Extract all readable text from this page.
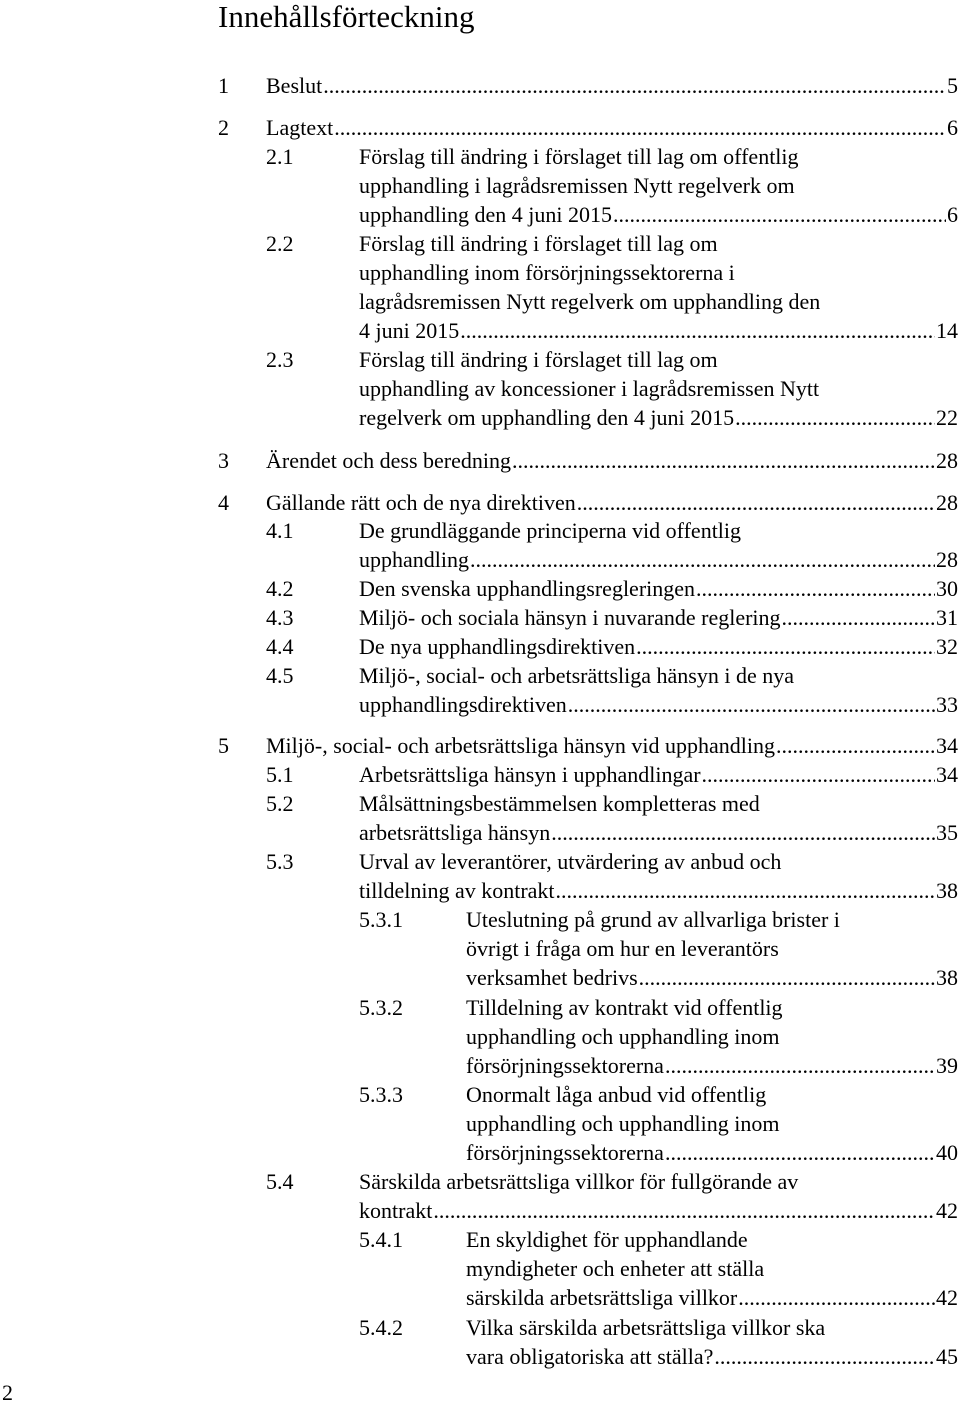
Innehållsförteckning
1 Beslut .....	5
2 Lagtext .....	6
2.1	Förslag till ändring i förslaget till lag om offentlig
upphandling i lagrådsremissen Nytt regelverk om
upphandling den 4 juni 2015 .....	6
2.2	Förslag till ändring i förslaget till lag om
upphandling inom försörjningssektorerna i
lagrådsremissen Nytt regelverk om upphandling den
4 juni 2015 .....	14
2.3	Förslag till ändring i förslaget till lag om
upphandling av koncessioner i lagrådsremissen Nytt
regelverk om upphandling den 4 juni 2015 .....	22
3 Ärendet och dess beredning .....	28
4 Gällande rätt och de nya direktiven .....	28
4.1	De grundläggande principerna vid offentlig
upphandling .....	28
4.2	Den svenska upphandlingsregleringen .....	30
4.3	Miljö- och sociala hänsyn i nuvarande reglering .....	31
4.4	De nya upphandlingsdirektiven .....	32
4.5	Miljö-, social- och arbetsrättsliga hänsyn i de nya
upphandlingsdirektiven .....	33
5 Miljö-, social- och arbetsrättsliga hänsyn vid upphandling .....	34
5.1	Arbetsrättsliga hänsyn i upphandlingar .....	34
5.2	Målsättningsbestämmelsen kompletteras med
arbetsrättsliga hänsyn .....	35
5.3	Urval av leverantörer, utvärdering av anbud och
tilldelning av kontrakt .....	38
5.3.1	Uteslutning på grund av allvarliga brister i
övrigt i fråga om hur en leverantörs
verksamhet bedrivs .....	38
5.3.2	Tilldelning av kontrakt vid offentlig
upphandling och upphandling inom
försörjningssektorerna .....	39
5.3.3	Onormalt låga anbud vid offentlig
upphandling och upphandling inom
försörjningssektorerna .....	40
5.4	Särskilda arbetsrättsliga villkor för fullgörande av
kontrakt .....	42
5.4.1	En skyldighet för upphandlande
myndigheter och enheter att ställa
särskilda arbetsrättsliga villkor .....	42
5.4.2	Vilka särskilda arbetsrättsliga villkor ska
vara obligatoriska att ställa? .....	45
2
